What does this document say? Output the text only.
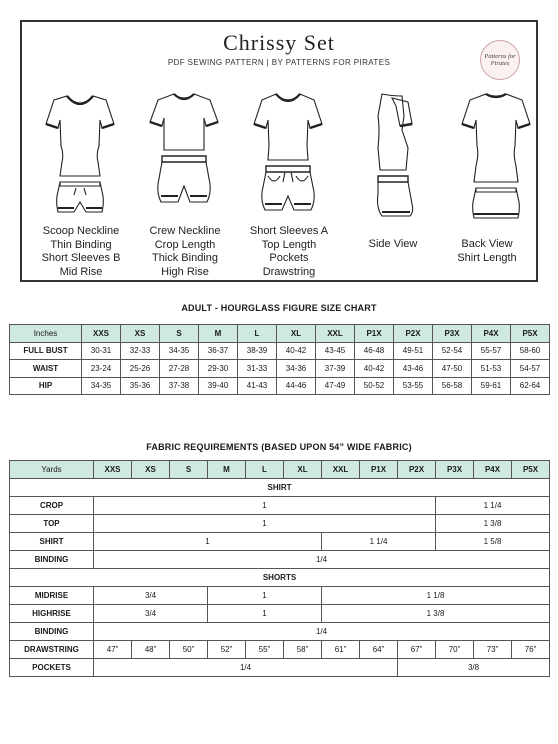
Chrissy Set
PDF SEWING PATTERN | BY PATTERNS FOR PIRATES
Patterns for Pirates
Scoop Neckline
Thin Binding
Short Sleeves B
Mid Rise
Crew Neckline
Crop Length
Thick Binding
High Rise
Short Sleeves A
Top Length
Pockets
Drawstring
Side View	Back View
Shirt Length
ADULT - HOURGLASS FIGURE SIZE CHART
Inches	XXS	XS	S	M	L	XL	XXL	P1X	P2X	P3X	P4X	P5X
FULL BUST	30-31	32-33	34-35	36-37	38-39	40-42	43-45	46-48	49-51	52-54	55-57	58-60
WAIST	23-24	25-26	27-28	29-30	31-33	34-36	37-39	40-42	43-46	47-50	51-53	54-57
HIP	34-35	35-36	37-38	39-40	41-43	44-46	47-49	50-52	53-55	56-58	59-61	62-64
FABRIC REQUIREMENTS (BASED UPON 54” WIDE FABRIC)
Yards	XXS	XS	S	M	L	XL	XXL	P1X	P2X	P3X	P4X	P5X
SHIRT												
CROP	1									1 1/4		
TOP	1									1 3/8		
SHIRT	1						1 1/4			1 5/8		
BINDING	1/4											
SHORTS												
MIDRISE	3/4			1			1 1/8					
HIGHRISE	3/4			1			1 3/8					
BINDING	1/4											
DRAWSTRING	47”	48”	50”	52”	55”	58”	61”	64”	67”	70”	73”	76”
POCKETS	1/4								3/8			
